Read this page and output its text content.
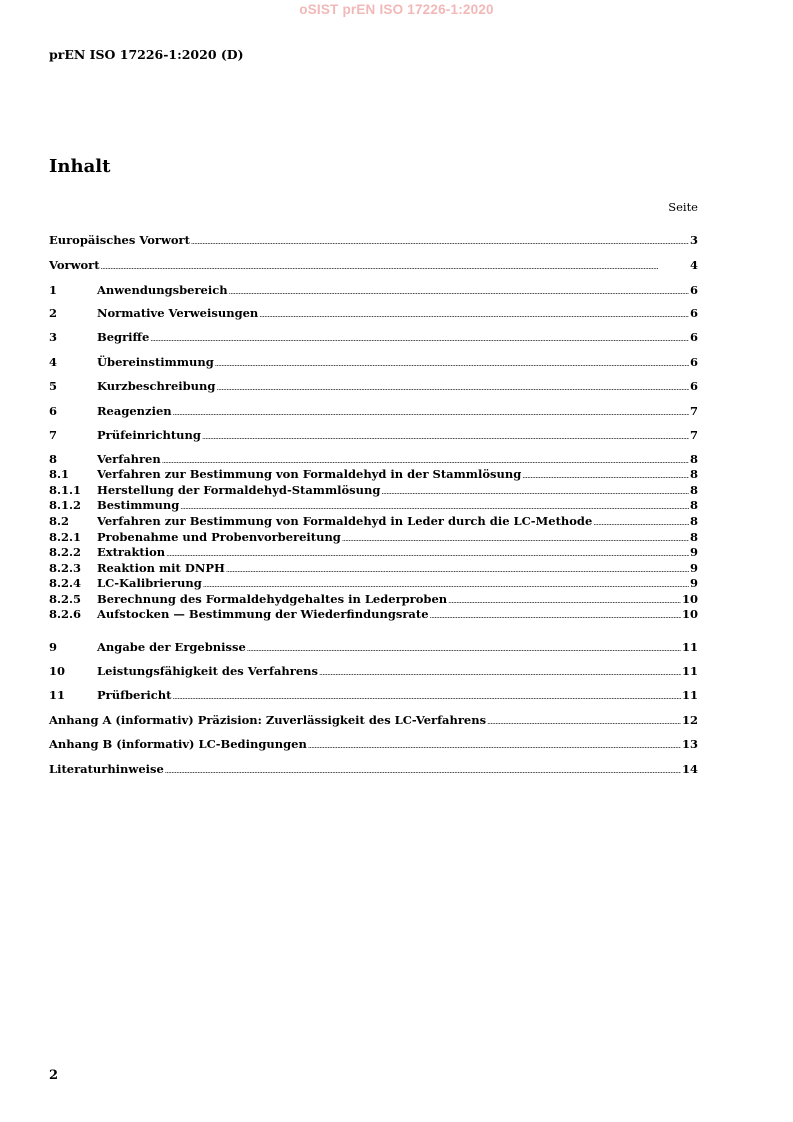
oSIST prEN ISO 17226-1:2020
prEN ISO 17226-1:2020 (D)
Inhalt
Seite
Europäisches Vorwort .....	3
Vorwort .....	4
1	Anwendungsbereich .....	6
2	Normative Verweisungen .....	6
3	Begriffe .....	6
4	Übereinstimmung .....	6
5	Kurzbeschreibung .....	6
6	Reagenzien .....	7
7	Prüfeinrichtung .....	7
8	Verfahren .....	8
8.1	Verfahren zur Bestimmung von Formaldehyd in der Stammlösung .....	8
8.1.1	Herstellung der Formaldehyd-Stammlösung .....	8
8.1.2	Bestimmung .....	8
8.2	Verfahren zur Bestimmung von Formaldehyd in Leder durch die LC-Methode .....	8
8.2.1	Probenahme und Probenvorbereitung .....	8
8.2.2	Extraktion .....	9
8.2.3	Reaktion mit DNPH .....	9
8.2.4	LC-Kalibrierung .....	9
8.2.5	Berechnung des Formaldehydgehaltes in Lederproben .....	10
8.2.6	Aufstocken — Bestimmung der Wiederfindungsrate .....	10
9	Angabe der Ergebnisse .....	11
10	Leistungsfähigkeit des Verfahrens .....	11
11	Prüfbericht .....	11
Anhang A (informativ) Präzision: Zuverlässigkeit des LC-Verfahrens .....	12
Anhang B (informativ) LC-Bedingungen .....	13
Literaturhinweise .....	14
2
